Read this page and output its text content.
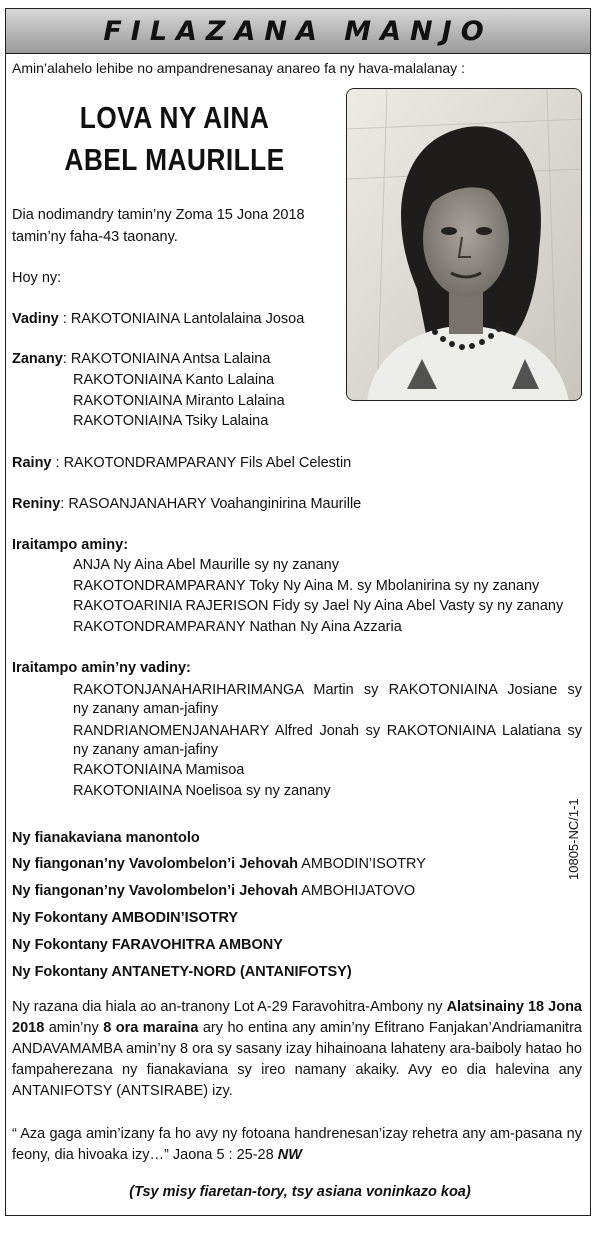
FILAZANA MANJO
Amin’alahelo lehibe no ampandrenesanay anareo fa ny hava-malalanay :
LOVA NY AINA
ABEL MAURILLE
Dia nodimandry tamin’ny Zoma 15 Jona 2018
tamin’ny faha-43 taonany.
Hoy ny:
Vadiny : RAKOTONIAINA Lantolalaina Josoa
Zanany: RAKOTONIAINA Antsa Lalaina
RAKOTONIAINA Kanto Lalaina
RAKOTONIAINA Miranto Lalaina
RAKOTONIAINA Tsiky Lalaina
Rainy : RAKOTONDRAMPARANY Fils Abel Celestin
Reniny: RASOANJANAHARY Voahanginirina Maurille
Iraitampo aminy:
ANJA Ny Aina Abel Maurille sy ny zanany
RAKOTONDRAMPARANY Toky Ny Aina M. sy Mbolanirina sy ny zanany
RAKOTOARINIA RAJERISON Fidy sy Jael Ny Aina Abel Vasty sy ny zanany
RAKOTONDRAMPARANY Nathan Ny Aina Azzaria
Iraitampo amin’ny vadiny:
RAKOTONJANAHARIHARIMANGA Martin sy RAKOTONIAINA Josiane sy
ny zanany aman-jafiny
RANDRIANOMENJANAHARY Alfred Jonah sy RAKOTONIAINA Lalatiana sy
ny zanany aman-jafiny
RAKOTONIAINA Mamisoa
RAKOTONIAINA Noelisoa sy ny zanany
10805-NC/1-1
Ny fianakaviana manontolo
Ny fiangonan’ny Vavolombelon’i Jehovah AMBODIN’ISOTRY
Ny fiangonan’ny Vavolombelon’i Jehovah AMBOHIJATOVO
Ny Fokontany AMBODIN’ISOTRY
Ny Fokontany FARAVOHITRA AMBONY
Ny Fokontany ANTANETY-NORD (ANTANIFOTSY)
Ny razana dia hiala ao an-tranony Lot A-29 Faravohitra-Ambony ny Alatsinainy 18 Jona 2018 amin’ny 8 ora maraina ary ho entina any amin’ny Efitrano Fanjakan’Andriamanitra ANDAVAMAMBA amin’ny 8 ora sy sasany izay hihainoana lahateny ara-baiboly hatao ho fampaherezana ny fianakaviana sy ireo namany akaiky. Avy eo dia halevina any ANTANIFOTSY (ANTSIRABE) izy.
“ Aza gaga amin’izany fa ho avy ny fotoana handrenesan’izay rehetra any am-pasana ny feony, dia hivoaka izy…” Jaona 5 : 25-28 NW
(Tsy misy fiaretan-tory, tsy asiana voninkazo koa)
